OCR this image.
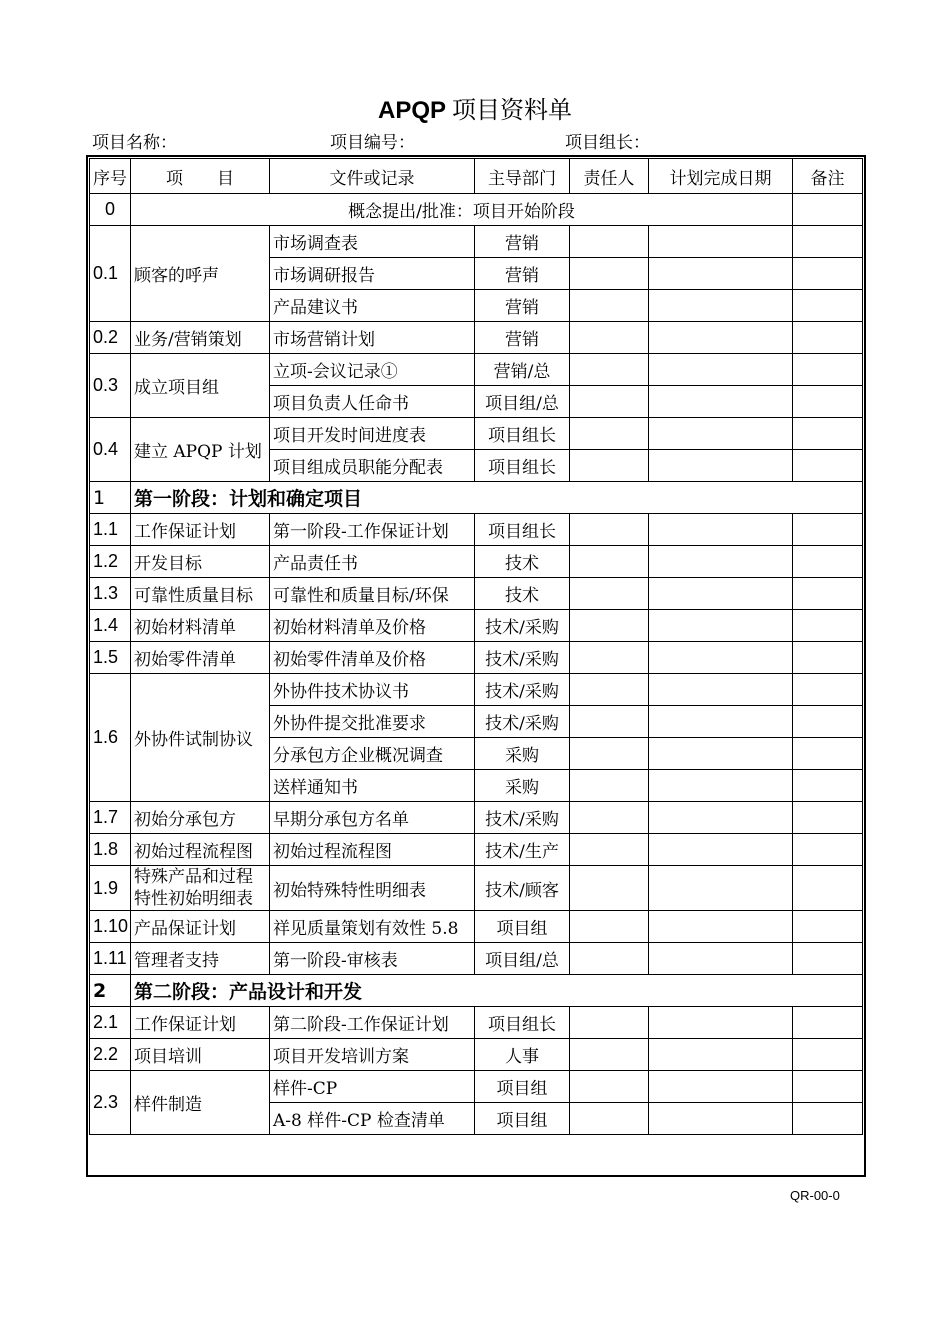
APQP 项目资料单
项目名称：	项目编号：	项目组长：
序号	项　　目	文件或记录	主导部门	责任人	计划完成日期	备注
0	概念提出/批准：项目开始阶段					
0.1	顾客的呼声	市场调查表	营销			
		市场调研报告	营销			
		产品建议书	营销			
0.2	业务/营销策划	市场营销计划	营销			
0.3	成立项目组	立项-会议记录①	营销/总			
		项目负责人任命书	项目组/总			
0.4	建立 APQP 计划	项目开发时间进度表	项目组长			
		项目组成员职能分配表	项目组长			
1	第一阶段：计划和确定项目					
1.1	工作保证计划	第一阶段-工作保证计划	项目组长			
1.2	开发目标	产品责任书	技术			
1.3	可靠性质量目标	可靠性和质量目标/环保	技术			
1.4	初始材料清单	初始材料清单及价格	技术/采购			
1.5	初始零件清单	初始零件清单及价格	技术/采购			
1.6	外协件试制协议	外协件技术协议书	技术/采购			
		外协件提交批准要求	技术/采购			
		分承包方企业概况调查	采购			
		送样通知书	采购			
1.7	初始分承包方	早期分承包方名单	技术/采购			
1.8	初始过程流程图	初始过程流程图	技术/生产			
1.9	特殊产品和过程特性初始明细表	初始特殊特性明细表	技术/顾客			
1.10	产品保证计划	祥见质量策划有效性 5.8	项目组			
1.11	管理者支持	第一阶段-审核表	项目组/总			
2	第二阶段：产品设计和开发					
2.1	工作保证计划	第二阶段-工作保证计划	项目组长			
2.2	项目培训	项目开发培训方案	人事			
2.3	样件制造	样件-CP	项目组			
		A-8 样件-CP 检查清单	项目组			
QR-00-0
